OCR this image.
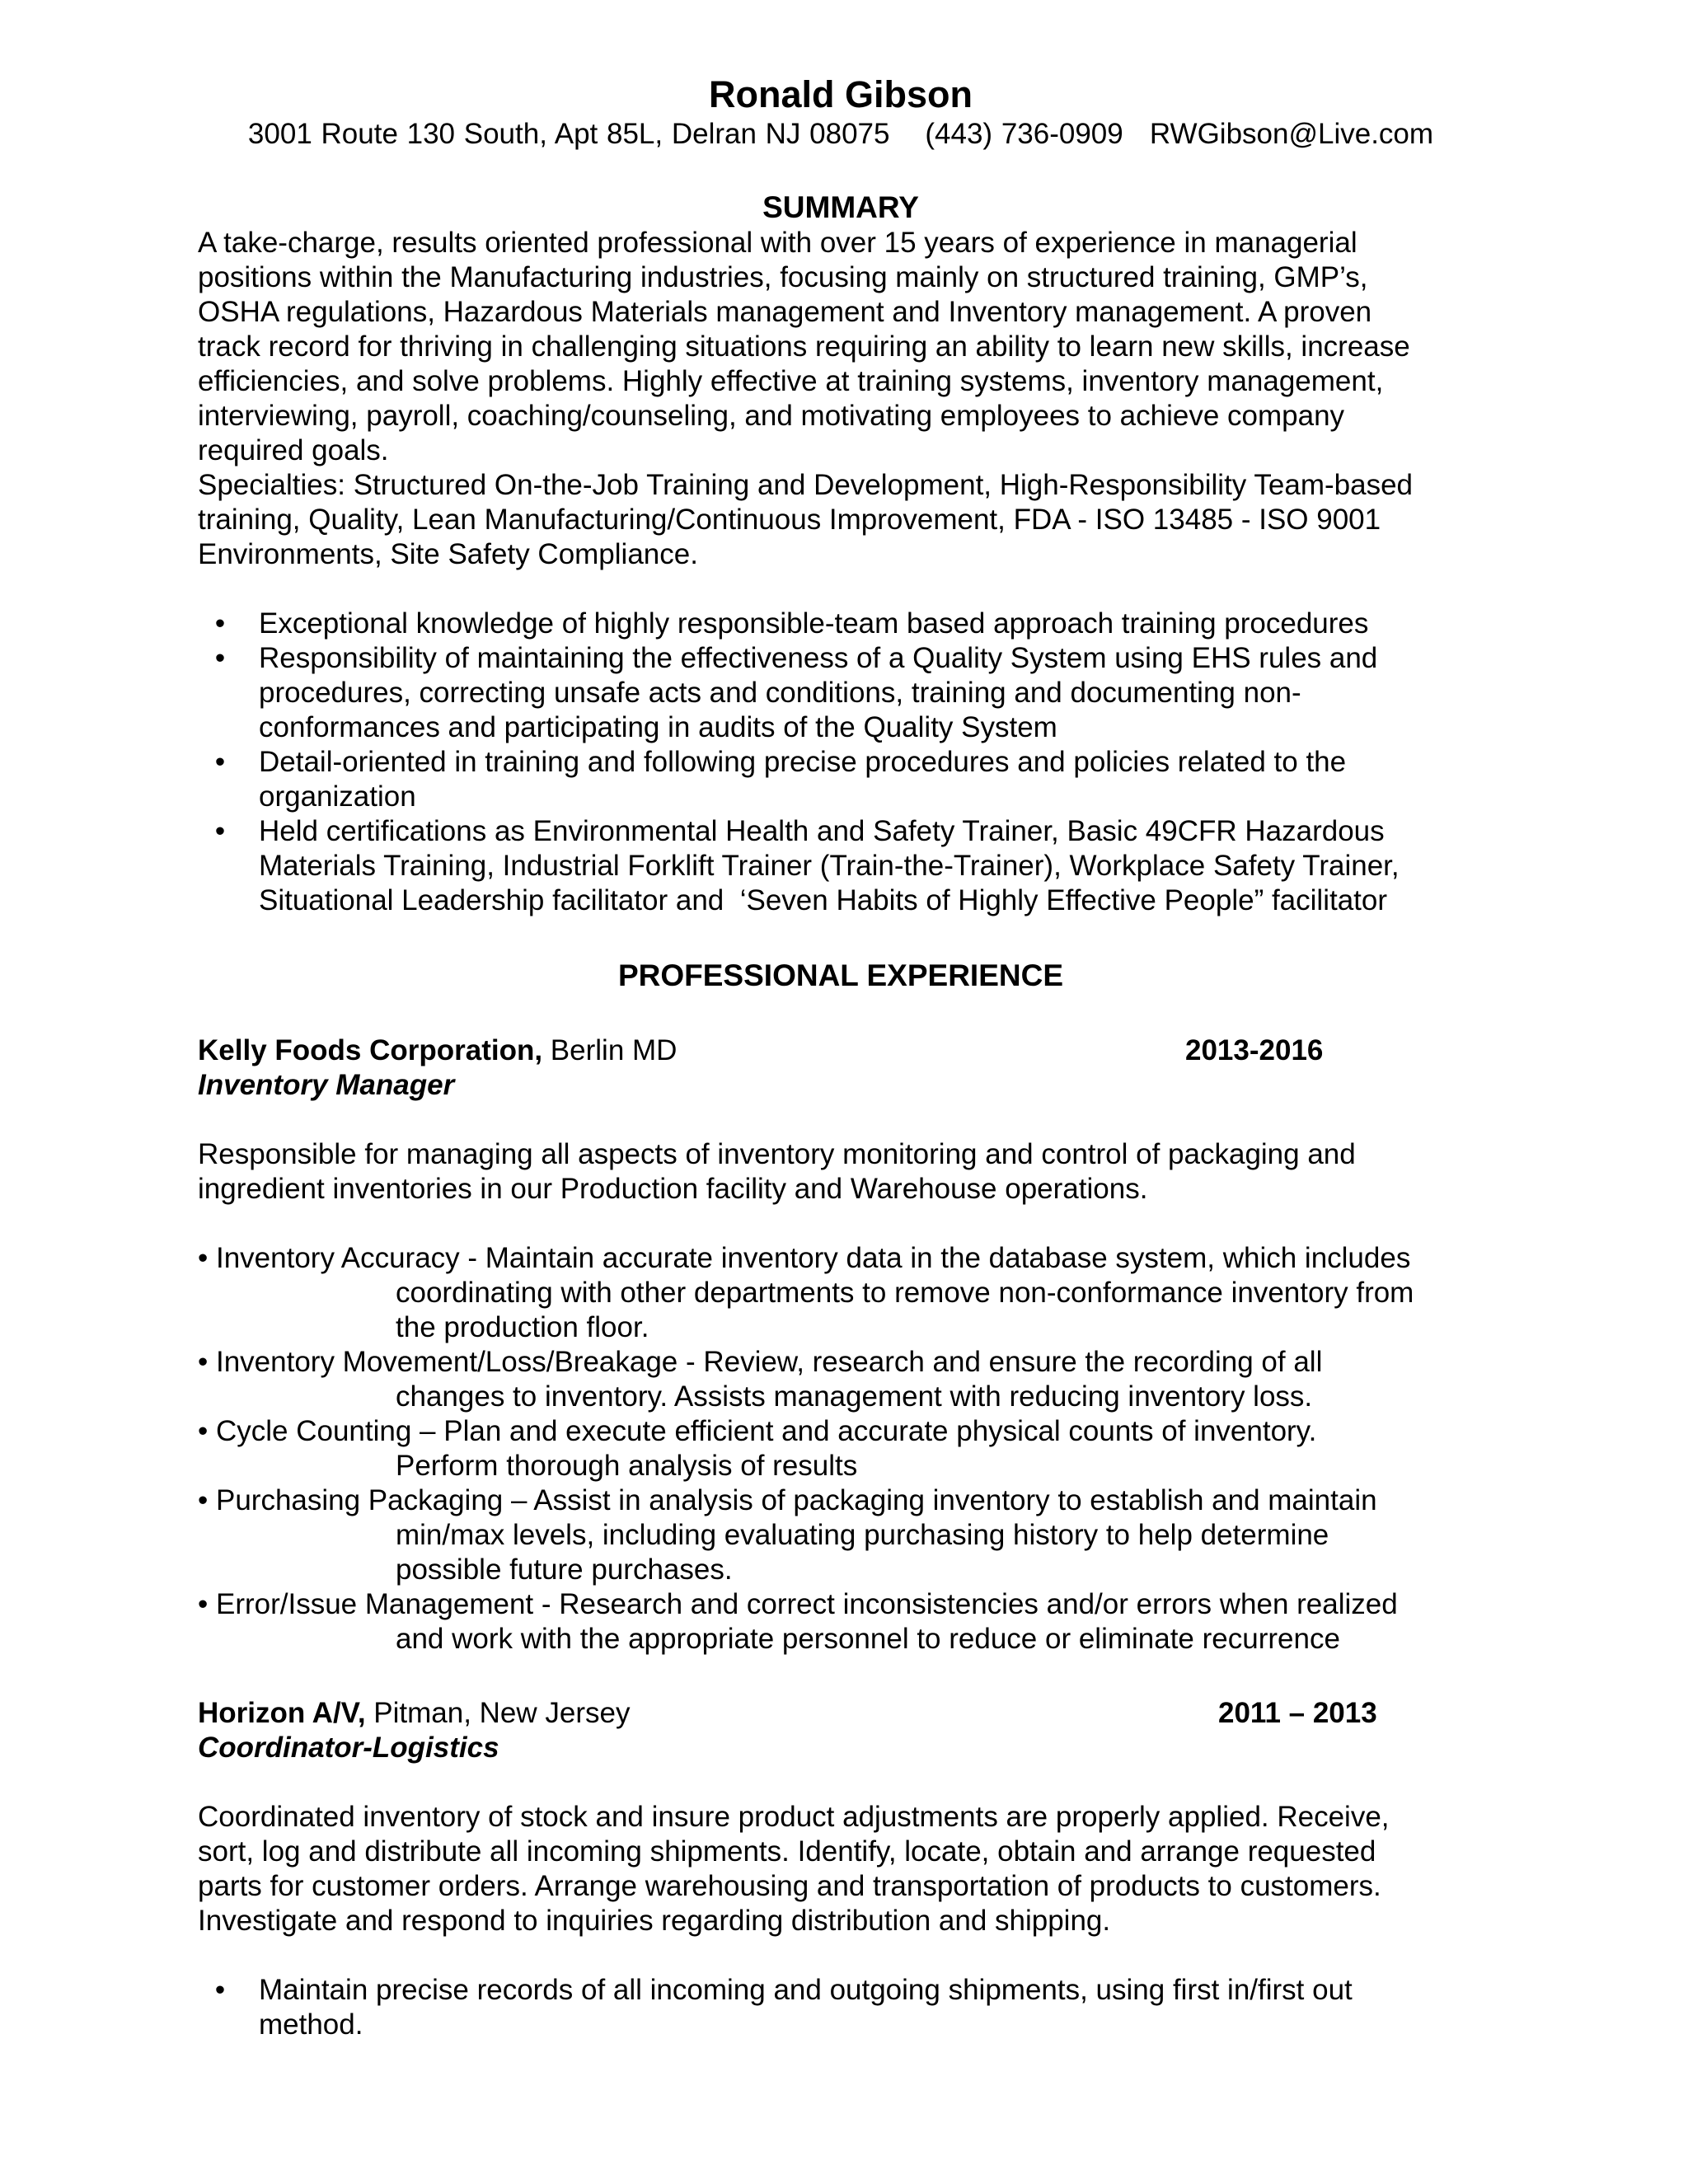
Ronald Gibson

3001 Route 130 South, Apt 85L, Delran NJ 08075    (443) 736-0909   RWGibson@Live.com

SUMMARY
A take-charge, results oriented professional with over 15 years of experience in managerial
positions within the Manufacturing industries, focusing mainly on structured training, GMP’s,
OSHA regulations, Hazardous Materials management and Inventory management. A proven
track record for thriving in challenging situations requiring an ability to learn new skills, increase
efficiencies, and solve problems. Highly effective at training systems, inventory management,
interviewing, payroll, coaching/counseling, and motivating employees to achieve company
required goals.
Specialties: Structured On-the-Job Training and Development, High-Responsibility Team-based
training, Quality, Lean Manufacturing/Continuous Improvement, FDA - ISO 13485 - ISO 9001
Environments, Site Safety Compliance.
• Exceptional knowledge of highly responsible-team based approach training procedures
• Responsibility of maintaining the effectiveness of a Quality System using EHS rules and
procedures, correcting unsafe acts and conditions, training and documenting non-
conformances and participating in audits of the Quality System
• Detail-oriented in training and following precise procedures and policies related to the
organization
• Held certifications as Environmental Health and Safety Trainer, Basic 49CFR Hazardous
Materials Training, Industrial Forklift Trainer (Train-the-Trainer), Workplace Safety Trainer,
Situational Leadership facilitator and  ‘Seven Habits of Highly Effective People” facilitator
PROFESSIONAL EXPERIENCE
Kelly Foods Corporation, Berlin MD	2013-2016
Inventory Manager
Responsible for managing all aspects of inventory monitoring and control of packaging and
ingredient inventories in our Production facility and Warehouse operations.
• Inventory Accuracy - Maintain accurate inventory data in the database system, which includes
coordinating with other departments to remove non-conformance inventory from
the production floor.
• Inventory Movement/Loss/Breakage - Review, research and ensure the recording of all
changes to inventory. Assists management with reducing inventory loss.
• Cycle Counting – Plan and execute efficient and accurate physical counts of inventory.
Perform thorough analysis of results
• Purchasing Packaging – Assist in analysis of packaging inventory to establish and maintain
min/max levels, including evaluating purchasing history to help determine
possible future purchases.
• Error/Issue Management - Research and correct inconsistencies and/or errors when realized
and work with the appropriate personnel to reduce or eliminate recurrence
Horizon A/V, Pitman, New Jersey	2011 – 2013
Coordinator-Logistics
Coordinated inventory of stock and insure product adjustments are properly applied. Receive,
sort, log and distribute all incoming shipments. Identify, locate, obtain and arrange requested
parts for customer orders. Arrange warehousing and transportation of products to customers.
Investigate and respond to inquiries regarding distribution and shipping.
• Maintain precise records of all incoming and outgoing shipments, using first in/first out
method.
